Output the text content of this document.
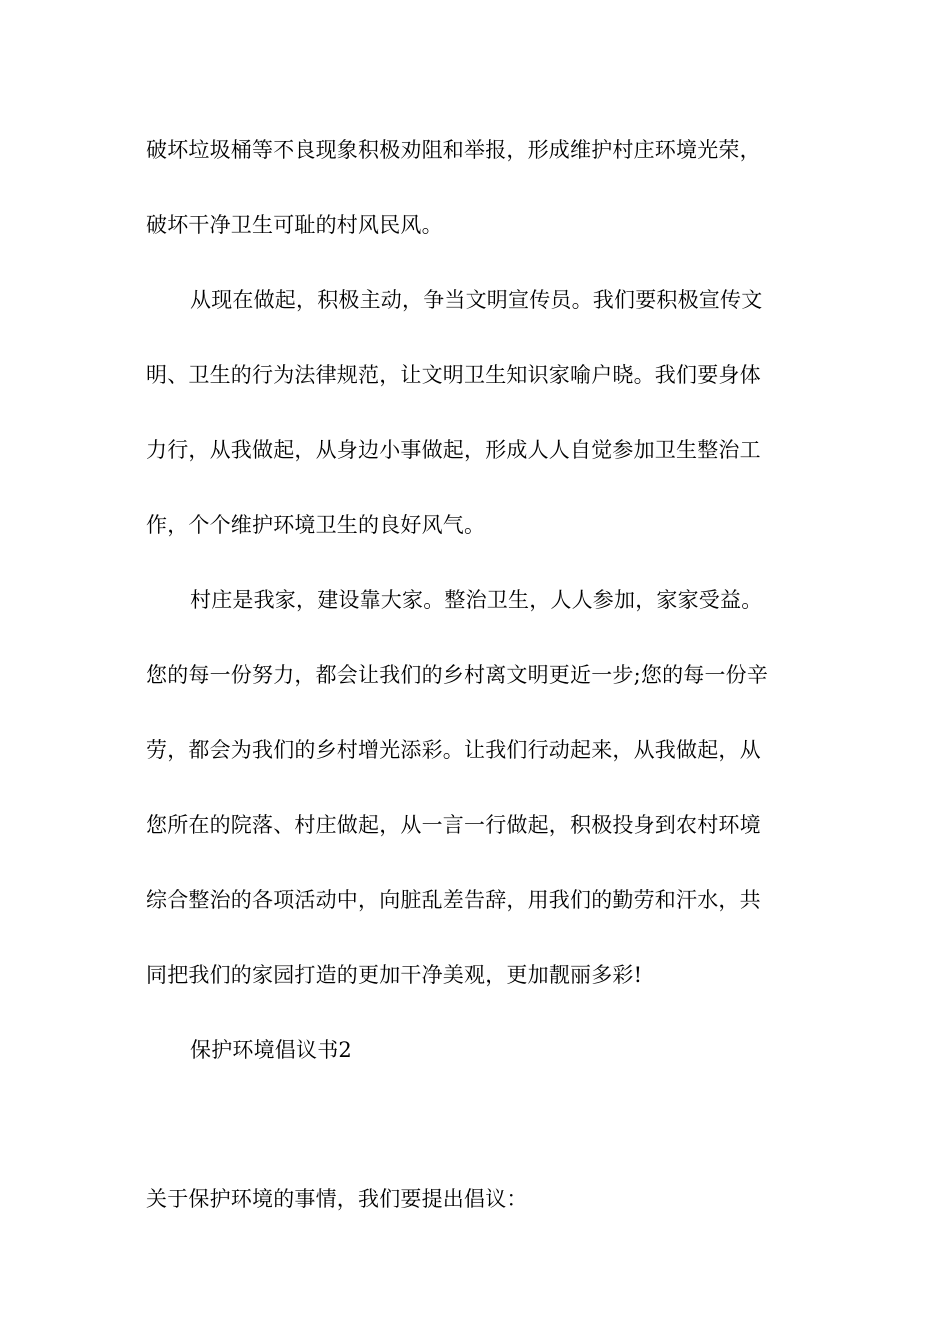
破坏垃圾桶等不良现象积极劝阻和举报，形成维护村庄环境光荣，
破坏干净卫生可耻的村风民风。
从现在做起，积极主动，争当文明宣传员。我们要积极宣传文
明、卫生的行为法律规范，让文明卫生知识家喻户晓。我们要身体
力行，从我做起，从身边小事做起，形成人人自觉参加卫生整治工
作，个个维护环境卫生的良好风气。
村庄是我家，建设靠大家。整治卫生，人人参加，家家受益。
您的每一份努力，都会让我们的乡村离文明更近一步;您的每一份辛
劳，都会为我们的乡村增光添彩。让我们行动起来，从我做起，从
您所在的院落、村庄做起，从一言一行做起，积极投身到农村环境
综合整治的各项活动中，向脏乱差告辞，用我们的勤劳和汗水，共
同把我们的家园打造的更加干净美观，更加靓丽多彩!
保护环境倡议书2
关于保护环境的事情，我们要提出倡议：
